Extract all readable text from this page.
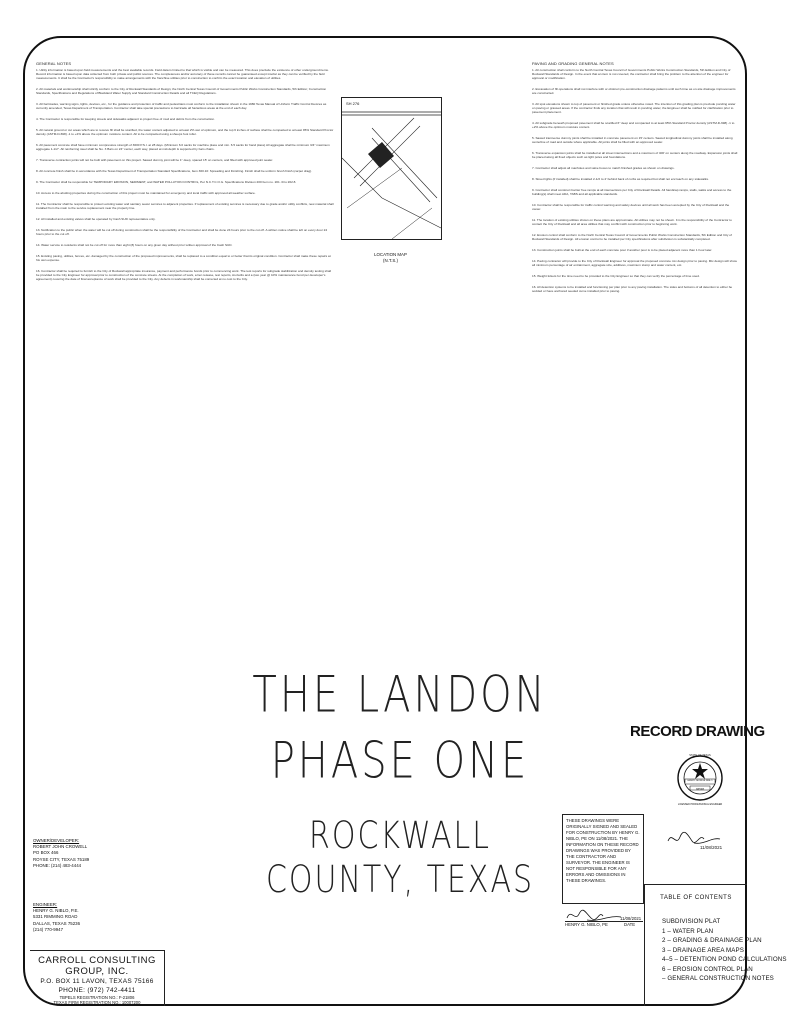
GENERAL NOTES

1. Utility information is based upon field measurements and the best available records. Field data is limited to that which is visible and can be measured. This does preclude the existence of other underground items. Record information is based upon data collected from both private and public sources. The completeness and/or accuracy of these records cannot be guaranteed except insofar as they can be verified by the field measurements. It shall be the Contractor's responsibility to make arrangements with the franchise utilities prior to construction to confirm the exact location and elevation of utilities.

2. All materials and workmanship shall strictly conform to the City of Rockwall Standards of Design; the North Central Texas Council of Governments Public Works Construction Standards, 5th Edition; Construction Standards, Specifications and Regulations of Blackland Water Supply and Standard Construction Details and all TCEQ Regulations.

3. All barricades, warning signs, lights, devices, etc., for the guidance and protection of traffic and pedestrians must conform to the installation shown in the 1980 Texas Manual of Uniform Traffic Control Devices as currently amended, Texas Department of Transportation. Contractor shall take special precautions to barricade all hazardous areas at the end of each day.

4. The Contractor is responsible for keeping streets and sidewalks adjacent to project free of mud and debris from the construction.

5. All natural ground or cut areas which are to receive fill shall be scarified, the water content adjusted to at least 2% wet of optimum, and the top 6 inches of surface shall be compacted to at least 95% Standard Proctor density (ASTM-D-698) -1 to +2% above the optimum moisture content. All to be compacted using a sheeps foot roller.

6. All pavement concrete shall have minimum compressive strength of 3600 P.S.I. at 28 days. (Minimum 6.0 sacks for machine place and min. 6.5 sacks for hand place) All aggregate shall be minimum 3/4" maximum aggregate 1-1/2". All reinforcing steel shall be No. 3 Bars on 24" center, each way, placed at mid-depth & supported by bars chairs.

7. Transverse contraction joints will not be built with pavement on this project. Sawed dummy joint will be 1" deep, spaced 15' on centers, and filled with approved joint sealer.

8. All concrete finish shall be in accordance with the Texas Department of Transportation Standard Specifications, Item 360.10: Spreading and Finishing. Finish shall be uniform brush finish (carpet drag).

9. The Contractor shall be responsible for TEMPORARY EROSION, SEDIMENT, and WATER POLLUTION CONTROL, Per N.C.T.C.O.G. Specifications Division 200 Item no. 201. thru 202.8.

10. Access to the abutting properties during the construction of this project must be maintained for emergency and local traffic with approved all-weather surface.

11. The Contractor shall be responsible to protect existing water and sanitary sewer services to adjacent properties. If replacement of existing services is necessary due to grade and/or utility conflicts, new material shall installed from the main to the service replacement near the property line.

12. All installed and existing valves shall be operated by Cash SUD representative only.

13. Notification to the public when the water will be cut off during construction shall be the responsibility of the Contractor and shall be done 24 hours prior to the cut off. A written notice shall be left on every door 24 hours prior to the cut off.

14. Water service to residents shall not be cut off for more than eight (8) hours on any given day without prior written approval of the Cash SUD.

15. Existing paving, utilities, fences, etc. damaged by the construction of the proposed improvements, shall be replaced to a condition equal to or better that its original condition. Contractor shall make these repairs at his own expense.

16. Contractor shall be required to furnish to the City of Rockwall appropriate insurance, payment and performance bonds prior to commencing work. The test reports for subgrade stabilization and density testing shall be provided to the City Engineer for approval prior to construction of the concrete streets. At the completion of work, a lien release, test reports, As-builts and a (two year @ 10% maintenance bond per developer's agreement) covering the date of final acceptance of work shall be provided to the City. Any defects in workmanship shall be corrected at no cost to the City.

SH 276
LOCATION MAP
(N.T.S.)
PAVING AND GRADING GENERAL NOTES

1. All construction shall conform to the North Central Texas Council of Governments Public Works Construction Standards, 5th Edition and City of Rockwall Standards of Design. In the event that an item is not covered, the contractor shall bring the problem to the attention of the engineer for approval or modification.

2. Excavation of fill operations shall not interfere with or obstruct pre-construction drainage patterns until such time as on-site drainage improvements are constructed.

3. All spot elevations shown to top of pavement or finished grade unless otherwise noted. The intention of this grading plan is preclude ponding water on paving or grassed areas. If the contractor finds any location that will result in ponding water, the Engineer shall be notified for clarification prior to pavement placement.

4. All subgrade beneath proposed pavement shall be scarified 6" deep and compacted to at least 95% Standard Proctor density (ASTM-D-698) -1 to +2% above the optimum moisture content.

5. Sawed transverse dummy joints shall be installed in concrete pavement on 15' centers. Sawed longitudinal dummy joints shall be installed along centerline of road and outside where applicable. All joints shall be filled with an approved sealer.

6. Transverse expansion joints shall be installed at all street intersections and a maximum of 400' on centers along the roadway. Expansion joints shall be placed along all fixed objects such as light poles and foundations.

7. Contractor shall adjust all manholes and valve boxes to match finished grades as shown on drawings.

8. Street lights (if installed) shall be installed 2-1/2 to 4' behind back of curbs as required but shall not encroach on any sidewalks.

9. Contractor shall construct barrier free ramps at all intersections per City of Rockwall Details. All handicap ramps, stalls, walks and access to the building(s) shall meet ADA, TABS and all applicable standards.

10. Contractor shall be responsible for traffic control warning and safety devices until all work has been accepted by the City of Rockwall and the owner.

11. The location of existing utilities shown on these plans are approximate. All utilities may not be shown. It is the responsibility of the Contractor to contact the City of Rockwall and all area utilities that may conflict with construction prior to beginning work.

12. Erosion control shall conform to the North Central Texas Council of Governments Public Works Construction Standards, 5th Edition and City of Rockwall Standards of Design. All erosion control to be installed per City specifications after subdivision is substantially completed.

13. Construction joints shall be built at the end of each concrete pour if another pour is to be placed adjacent more than 1 hour later.

14. Paving contractor will provide to the City of Rockwall Engineer for approval the proposed concrete mix design prior to paving. Mix design will show all minimum percentage of air entrainment, aggregate size, additives, maximum slump and water content, etc.

15. Weight tickets for the time need to be provided to the City Engineer so that they can verify the percentage of lime used.

16. All detention systems to be installed and functioning per plan prior to any paving installation. The sides and bottoms of all detention to either be sodded or have anchored seeded curve installed prior to paving.

THE LANDON
PHASE ONE
ROCKWALL COUNTY, TEXAS
RECORD DRAWING
STATE OF TEXAS
HENRY GEORGE NIBLO
66538
LICENSED PROFESSIONAL ENGINEER
11/08/2021
THESE DRAWINGS WERE ORIGINALLY SIGNED AND SEALED FOR CONSTRUCTION BY HENRY G. NIBLO, PE ON 11/08/2021. THE INFORMATION ON THESE RECORD DRAWINGS WAS PROVIDED BY THE CONTRACTOR AND SURVEYOR. THE ENGINEER IS NOT RESPONSIBLE FOR ANY ERRORS AND OMISSIONS IN THESE DRAWINGS.
11/08/2021
HENRY G. NIBLO, PE	DATE
TABLE OF CONTENTS
SUBDIVISION PLAT
1 – WATER PLAN
2 – GRADING & DRAINAGE PLAN
3 – DRAINAGE AREA MAPS
4–5 – DETENTION POND CALCULATIONS
6 – EROSION CONTROL PLAN
– GENERAL CONSTRUCTION NOTES
OWNER/DEVELOPER:
ROBERT JOHN CROWELL
PO BOX 466
ROYSE CITY, TEXAS 75189
PHONE: (214) 483-4444
ENGINEER:
HENRY G. NIBLO, P.E.
5331 RIMMING ROAD
DALLAS, TEXAS 75236
(214) 770-9947
CARROLL CONSULTING GROUP, INC.
P.O. BOX 11 LAVON, TEXAS 75166
PHONE: (972) 742-4411
TBPELS REGISTRATION NO.: F-21806
TEXAS FIRM REGISTRATION NO.: 10007200
